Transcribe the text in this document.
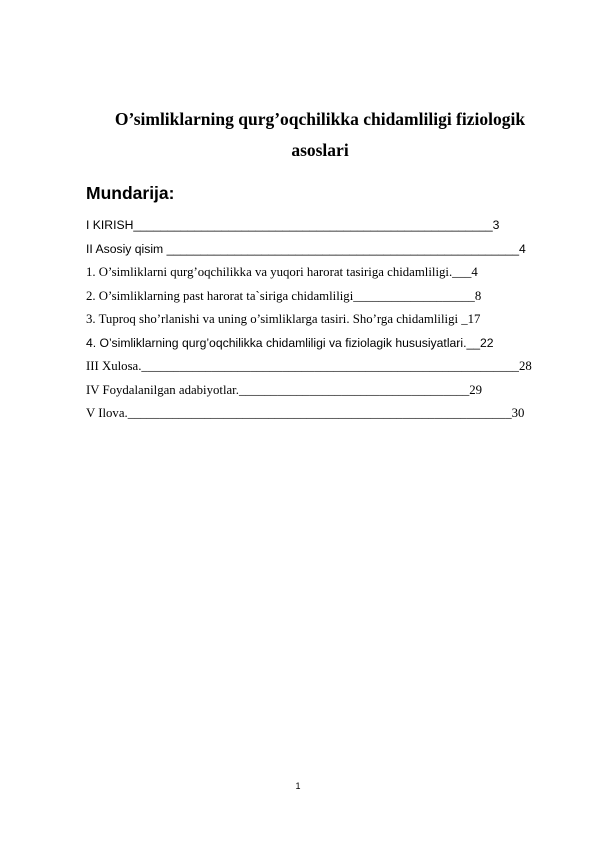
O’simliklarning qurg’oqchilikka chidamliligi fiziologik asoslari
Mundarija:
I KIRISH_____________________________________________________3
II Asosiy qisim ____________________________________________________4
1. O’simliklarni qurg’oqchilikka va yuqori harorat tasiriga chidamliligi.___4
2. O’simliklarning past harorat ta`siriga chidamliligi___________________8
3. Tuproq sho’rlanishi va uning o’simliklarga tasiri. Sho’rga chidamliligi _17
4. O’simliklarning qurg’oqchilikka chidamliligi va fiziolagik hususiyatlari.__22
III Xulosa.___________________________________________________________28
IV Foydalanilgan adabiyotlar.____________________________________29
V Ilova.____________________________________________________________30
1
